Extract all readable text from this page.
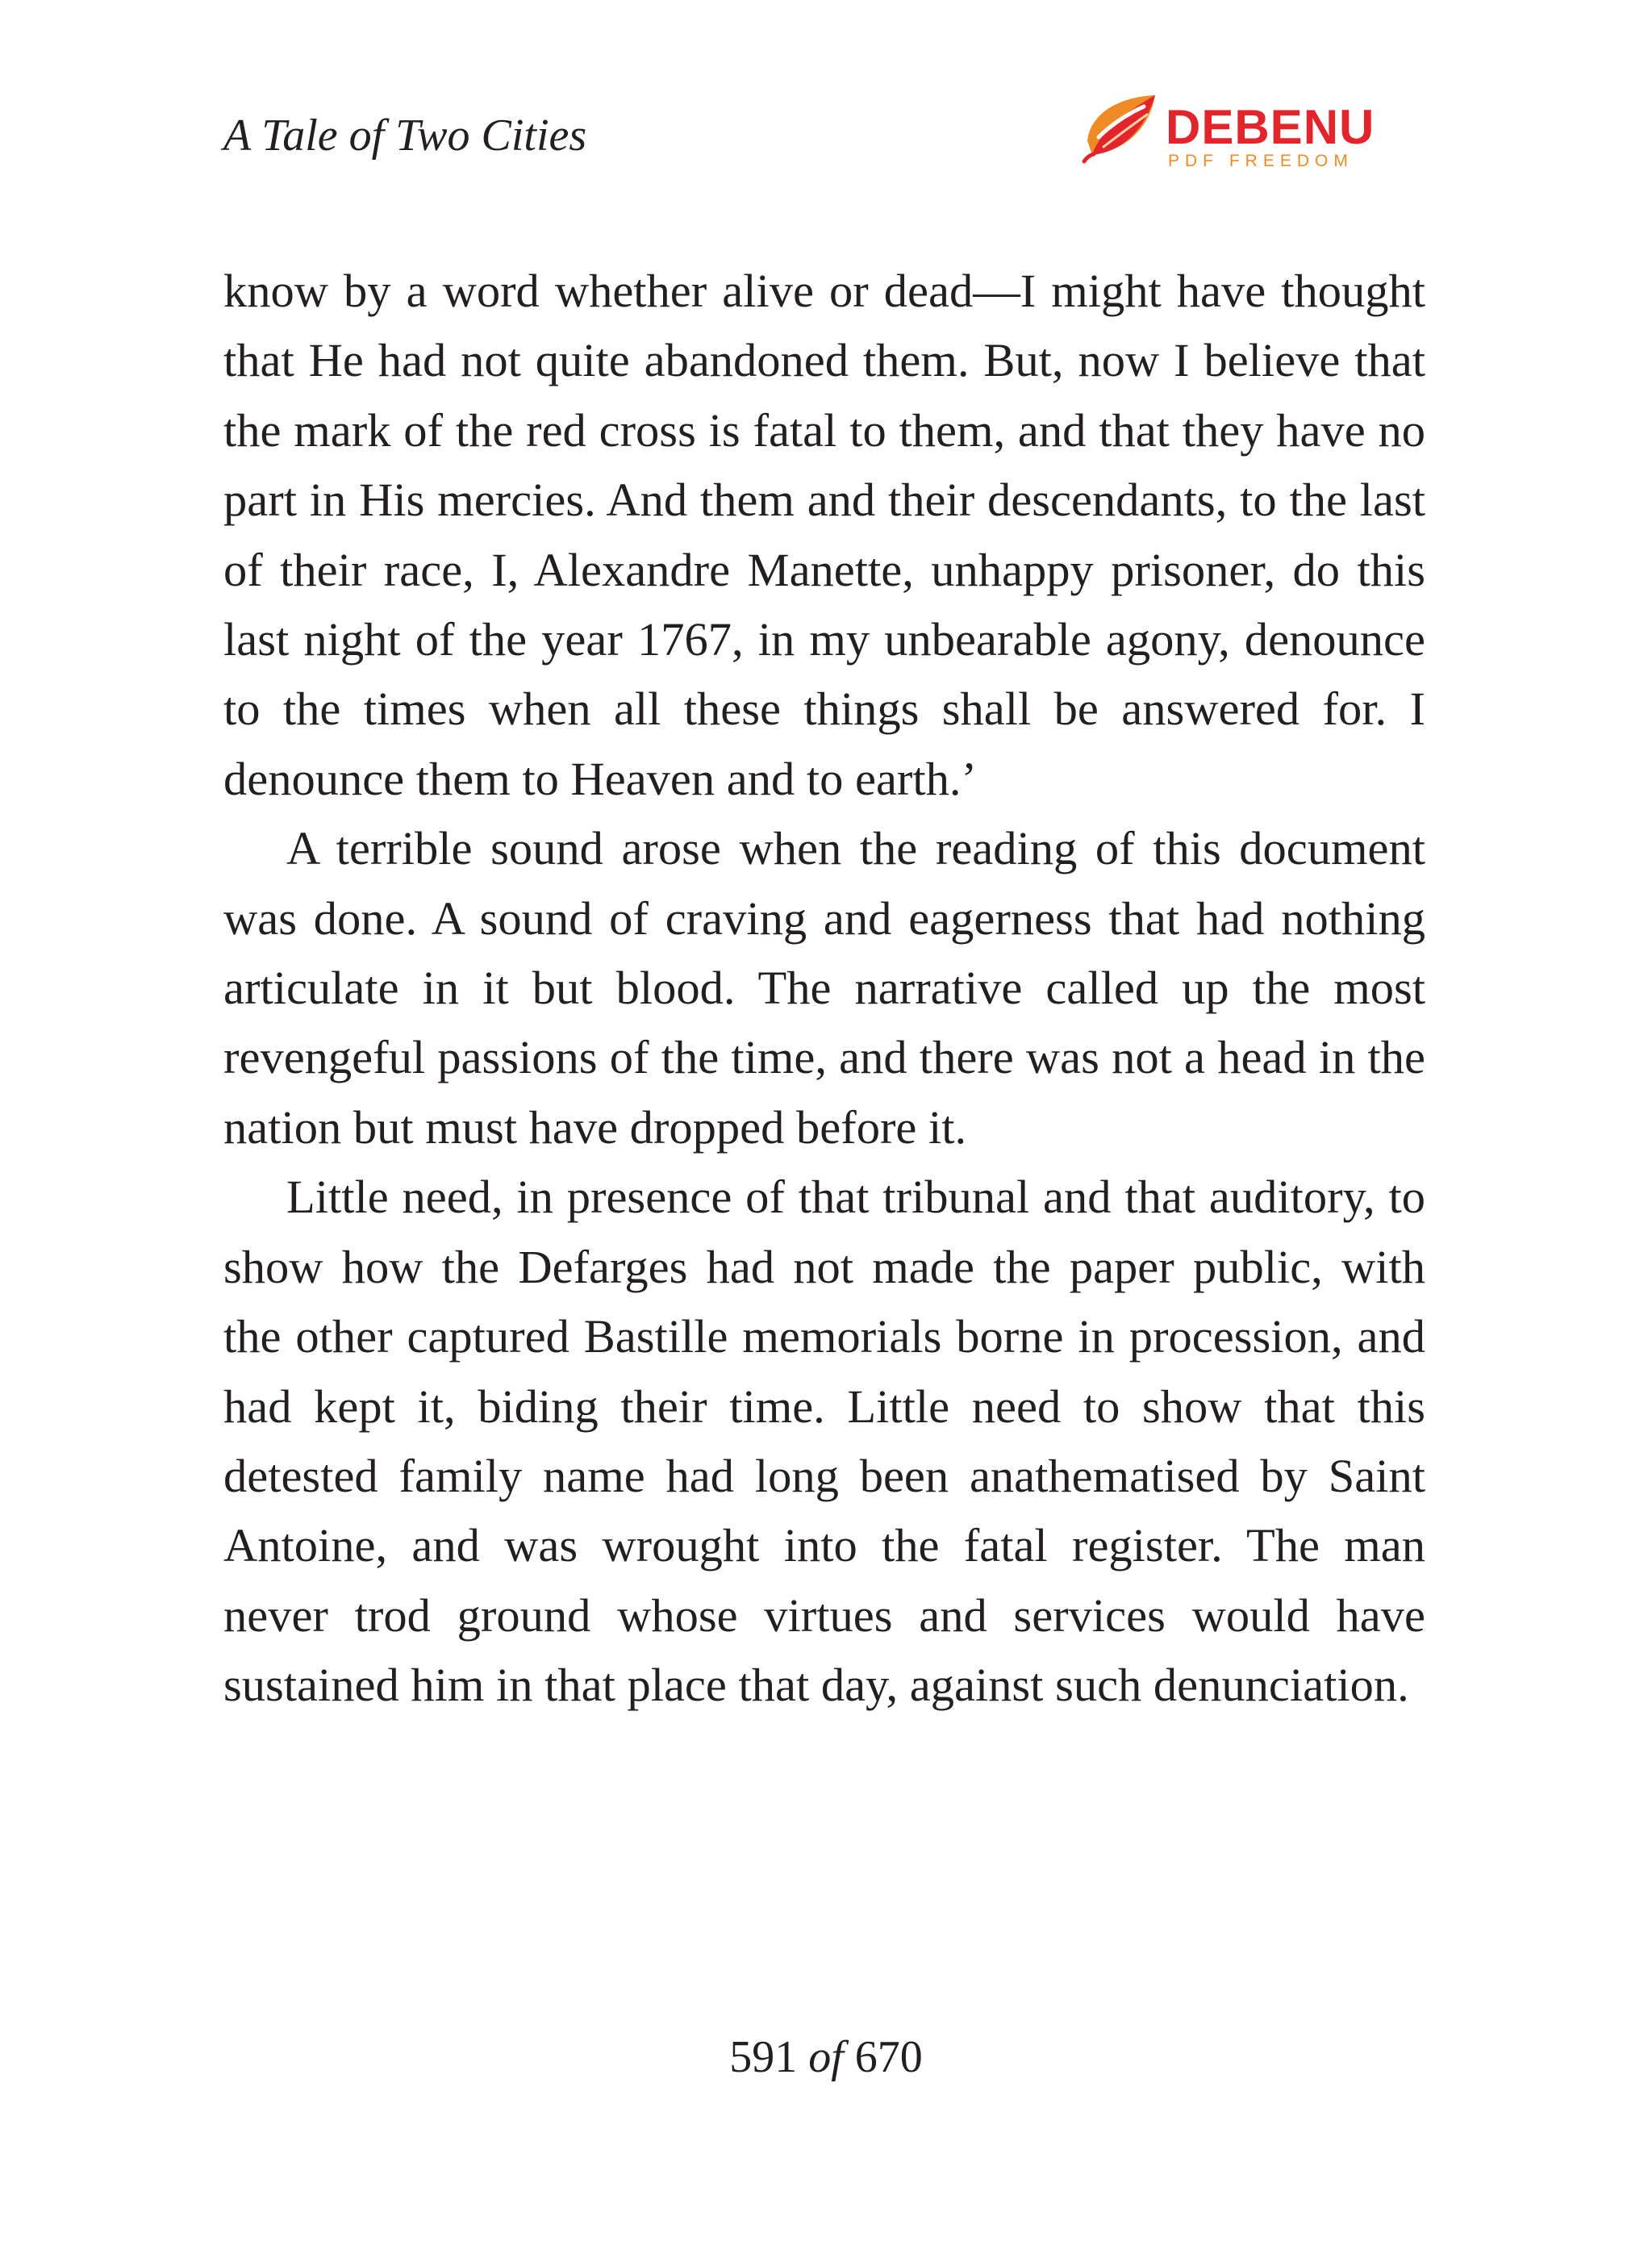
A Tale of Two Cities	DEBENU
PDF FREEDOM

know by a word whether alive or dead—I might have thought that He had not quite abandoned them. But, now I believe that the mark of the red cross is fatal to them, and that they have no part in His mercies. And them and their descendants, to the last of their race, I, Alexandre Manette, unhappy prisoner, do this last night of the year 1767, in my unbearable agony, denounce to the times when all these things shall be answered for. I denounce them to Heaven and to earth.’

A terrible sound arose when the reading of this document was done. A sound of craving and eagerness that had nothing articulate in it but blood. The narrative called up the most revengeful passions of the time, and there was not a head in the nation but must have dropped before it.

Little need, in presence of that tribunal and that auditory, to show how the Defarges had not made the paper public, with the other captured Bastille memorials borne in procession, and had kept it, biding their time. Little need to show that this detested family name had long been anathematised by Saint Antoine, and was wrought into the fatal register. The man never trod ground whose virtues and services would have sustained him in that place that day, against such denunciation.

591 of 670
